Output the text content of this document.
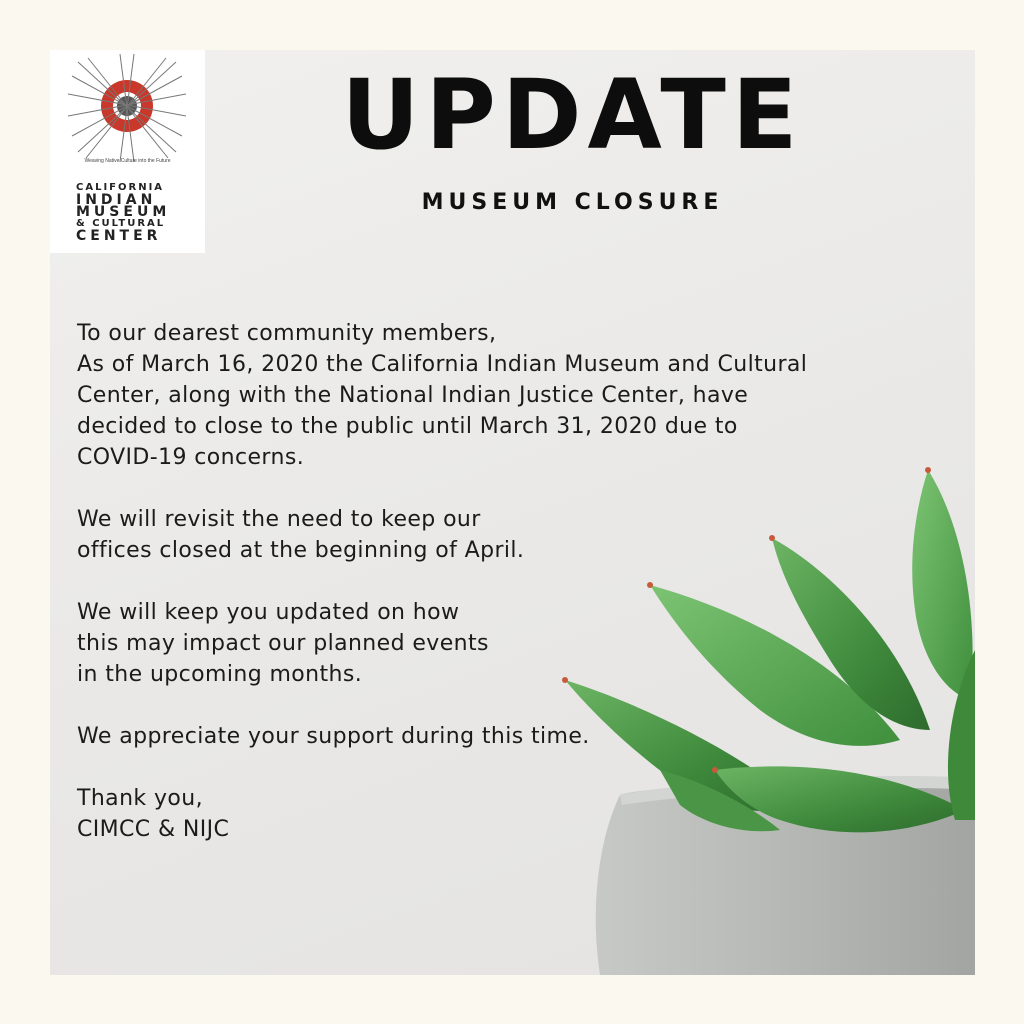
Weaving Native Culture into the Future
CALIFORNIA
INDIAN
MUSEUM
& CULTURAL
CENTER
UPDATE
MUSEUM CLOSURE

To our dearest community members,
As of March 16, 2020 the California Indian Museum and Cultural
Center, along with the National Indian Justice Center, have
decided to close to the public until March 31, 2020 due to
COVID-19 concerns.

We will revisit the need to keep our
offices closed at the beginning of April.

We will keep you updated on how
this may impact our planned events
in the upcoming months.

We appreciate your support during this time.

Thank you,
CIMCC & NIJC
